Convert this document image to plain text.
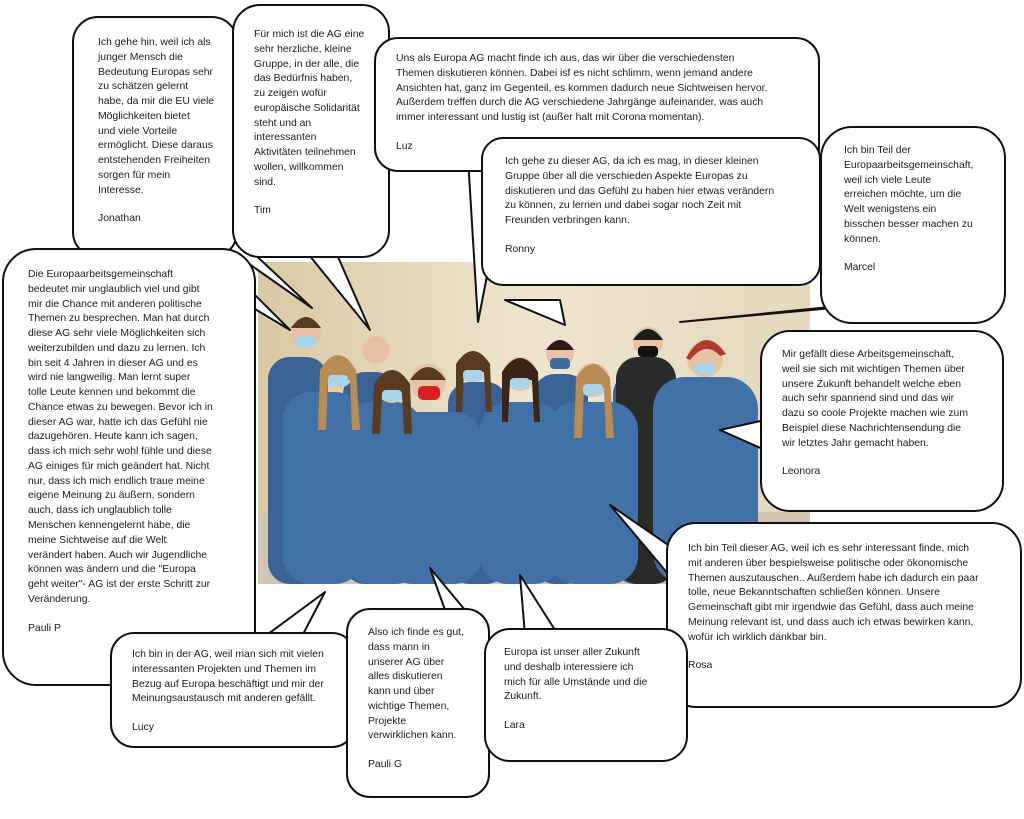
Ich gehe hin, weil ich als
junger Mensch die
Bedeutung Europas sehr
zu schätzen gelernt
habe, da mir die EU viele
Möglichkeiten bietet
und viele Vorteile
ermöglicht. Diese daraus
entstehenden Freiheiten
sorgen für mein
Interesse.

Jonathan

Für mich ist die AG eine
sehr herzliche, kleine
Gruppe, in der alle, die
das Bedürfnis haben,
zu zeigen wofür
europäische Solidarität
steht und an
interessanten
Aktivitäten teilnehmen
wollen, willkommen
sind.

Tim

Uns als Europa AG macht finde ich aus, das wir über die verschiedensten
Themen diskutieren können. Dabei isf es nicht schlimm, wenn jemand andere
Ansichten hat, ganz im Gegenteil, es kommen dadurch neue Sichtweisen hervor.
Außerdem treffen durch die AG verschiedene Jahrgänge aufeinander, was auch
immer interessant und lustig ist (außer halt mit Corona momentan).

Luz

Ich gehe zu dieser AG, da ich es mag, in dieser kleinen
Gruppe über all die verschieden Aspekte Europas zu
diskutieren und das Gefühl zu haben hier etwas verändern
zu können, zu lernen und dabei sogar noch Zeit mit
Freunden verbringen kann.

Ronny

Ich bin Teil der
Europaarbeitsgemeinschaft,
weil ich viele Leute
erreichen möchte, um die
Welt wenigstens ein
bisschen besser machen zu
können.

Marcel

Die Europaarbeitsgemeinschaft
bedeutet mir unglaublich viel und gibt
mir die Chance mit anderen politische
Themen zu besprechen. Man hat durch
diese AG sehr viele Möglichkeiten sich
weiterzubilden und dazu zu lernen. Ich
bin seit 4 Jahren in dieser AG und es
wird nie langweilig. Man lernt super
tolle Leute kennen und bekommt die
Chance etwas zu bewegen. Bevor ich in
dieser AG war, hatte ich das Gefühl nie
dazugehören. Heute kann ich sagen,
dass ich mich sehr wohl fühle und diese
AG einiges für mich geändert hat. Nicht
nur, dass ich mich endlich traue meine
eigene Meinung zu äußern, sondern
auch, dass ich unglaublich tolle
Menschen kennengelernt habe, die
meine Sichtweise auf die Welt
verändert haben. Auch wir Jugendliche
können was ändern und die "Europa
geht weiter"- AG ist der erste Schritt zur
Veränderung.

Pauli P

Mir gefällt diese Arbeitsgemeinschaft,
weil sie sich mit wichtigen Themen über
unsere Zukunft behandelt welche eben
auch sehr spannend sind und das wir
dazu so coole Projekte machen wie zum
Beispiel diese Nachrichtensendung die
wir letztes Jahr gemacht haben.

Leonora

Ich bin Teil dieser AG, weil ich es sehr interessant finde, mich
mit anderen über bespielsweise politische oder ökonomische
Themen auszutauschen.. Außerdem habe ich dadurch ein paar
tolle, neue Bekanntschaften schließen können. Unsere
Gemeinschaft gibt mir irgendwie das Gefühl, dass auch meine
Meinung relevant ist, und dass auch ich etwas bewirken kann,
wofür ich wirklich dankbar bin.

Rosa

Ich bin in der AG, weil man sich mit vielen
interessanten Projekten und Themen im
Bezug auf Europa beschäftigt und mir der
Meinungsaustausch mit anderen gefällt.

Lucy

Also ich finde es gut,
dass mann in
unserer AG über
alles diskutieren
kann und über
wichtige Themen,
Projekte
verwirklichen kann.

Pauli G

Europa ist unser aller Zukunft
und deshalb interessiere ich
mich für alle Umstände und die
Zukunft.

Lara
